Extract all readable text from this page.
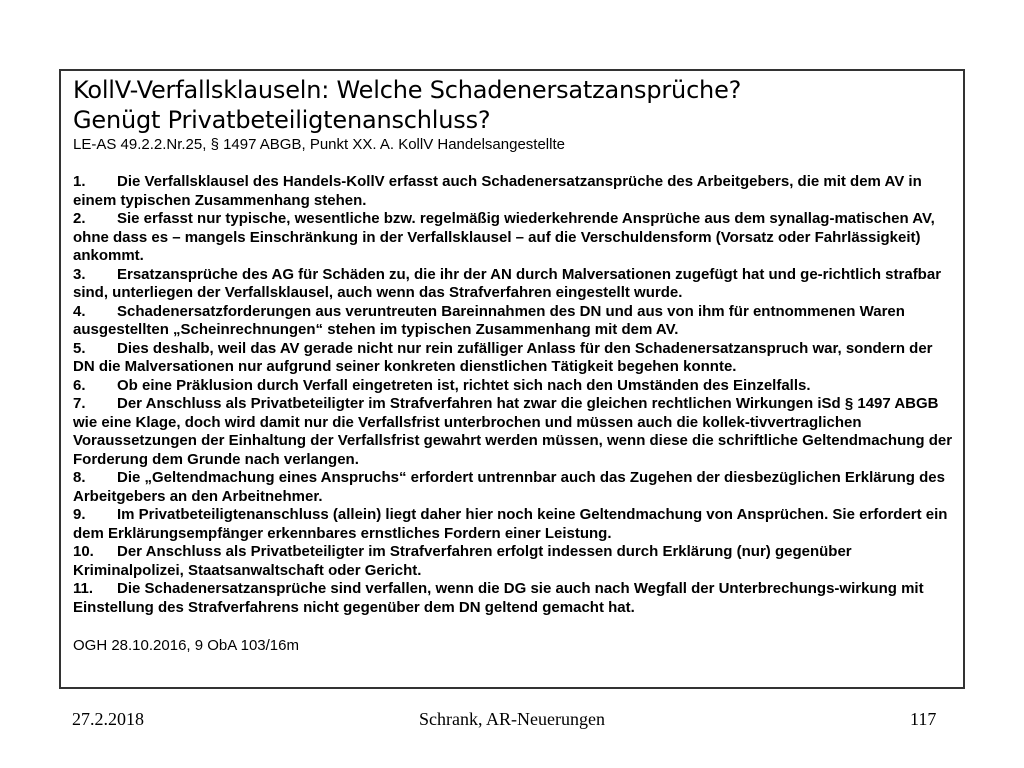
KollV-Verfallsklauseln: Welche Schadenersatzansprüche?
Genügt Privatbeteiligtenanschluss?

LE-AS 49.2.2.Nr.25, § 1497 ABGB, Punkt XX. A. KollV Handelsangestellte

1. Die Verfallsklausel des Handels-KollV erfasst auch Schadenersatzansprüche des Arbeitgebers, die mit dem AV in einem typischen Zusammenhang stehen.
2. Sie erfasst nur typische, wesentliche bzw. regelmäßig wiederkehrende Ansprüche aus dem synallag-matischen AV, ohne dass es – mangels Einschränkung in der Verfallsklausel – auf die Verschuldensform (Vorsatz oder Fahrlässigkeit) ankommt.
3. Ersatzansprüche des AG für Schäden zu, die ihr der AN durch Malversationen zugefügt hat und ge-richtlich strafbar sind, unterliegen der Verfallsklausel, auch wenn das Strafverfahren eingestellt wurde.
4. Schadenersatzforderungen aus veruntreuten Bareinnahmen des DN und aus von ihm für entnommenen Waren ausgestellten „Scheinrechnungen“ stehen im typischen Zusammenhang mit dem AV.
5. Dies deshalb, weil das AV gerade nicht nur rein zufälliger Anlass für den Schadenersatzanspruch war, sondern der DN die Malversationen nur aufgrund seiner konkreten dienstlichen Tätigkeit begehen konnte.
6. Ob eine Präklusion durch Verfall eingetreten ist, richtet sich nach den Umständen des Einzelfalls.
7. Der Anschluss als Privatbeteiligter im Strafverfahren hat zwar die gleichen rechtlichen Wirkungen iSd § 1497 ABGB wie eine Klage, doch wird damit nur die Verfallsfrist unterbrochen und müssen auch die kollek-tivvertraglichen Voraussetzungen der Einhaltung der Verfallsfrist gewahrt werden müssen, wenn diese die schriftliche Geltendmachung der Forderung dem Grunde nach verlangen.
8. Die „Geltendmachung eines Anspruchs“ erfordert untrennbar auch das Zugehen der diesbezüglichen Erklärung des Arbeitgebers an den Arbeitnehmer.
9. Im Privatbeteiligtenanschluss (allein) liegt daher hier noch keine Geltendmachung von Ansprüchen. Sie erfordert ein dem Erklärungsempfänger erkennbares ernstliches Fordern einer Leistung.
10. Der Anschluss als Privatbeteiligter im Strafverfahren erfolgt indessen durch Erklärung (nur) gegenüber Kriminalpolizei, Staatsanwaltschaft oder Gericht.
11. Die Schadenersatzansprüche sind verfallen, wenn die DG sie auch nach Wegfall der Unterbrechungs-wirkung mit Einstellung des Strafverfahrens nicht gegenüber dem DN geltend gemacht hat.

OGH 28.10.2016, 9 ObA 103/16m

Schrank, AR-Neuerungen
27.2.2018	117
